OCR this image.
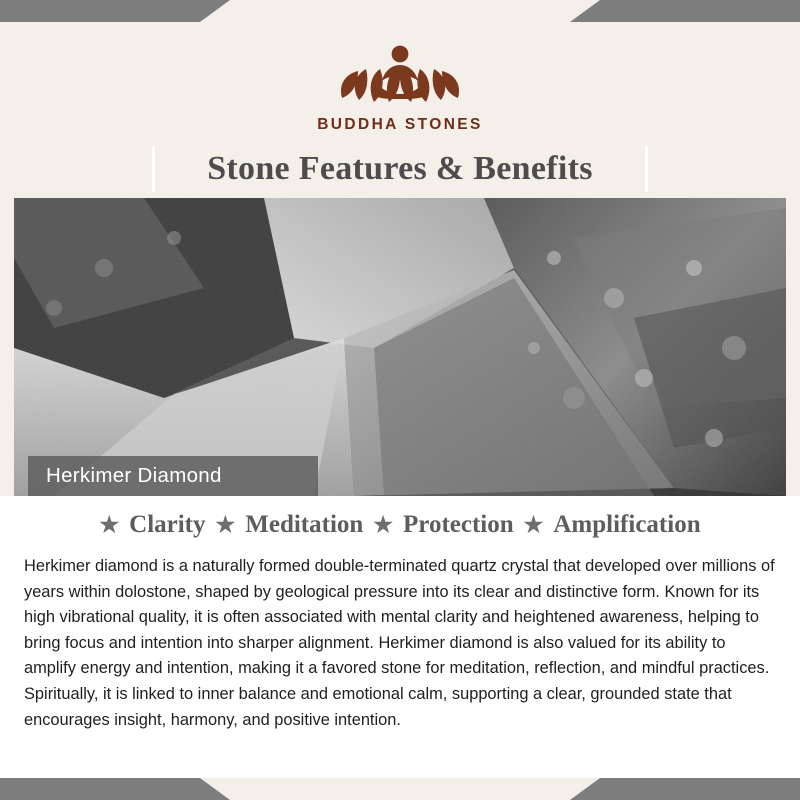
BUDDHA STONES
Stone Features & Benefits
Herkimer Diamond
★ Clarity ★ Meditation ★ Protection ★ Amplification

Herkimer diamond is a naturally formed double-terminated quartz crystal that developed over millions of years within dolostone, shaped by geological pressure into its clear and distinctive form. Known for its high vibrational quality, it is often associated with mental clarity and heightened awareness, helping to bring focus and intention into sharper alignment. Herkimer diamond is also valued for its ability to amplify energy and intention, making it a favored stone for meditation, reflection, and mindful practices. Spiritually, it is linked to inner balance and emotional calm, supporting a clear, grounded state that encourages insight, harmony, and positive intention.
